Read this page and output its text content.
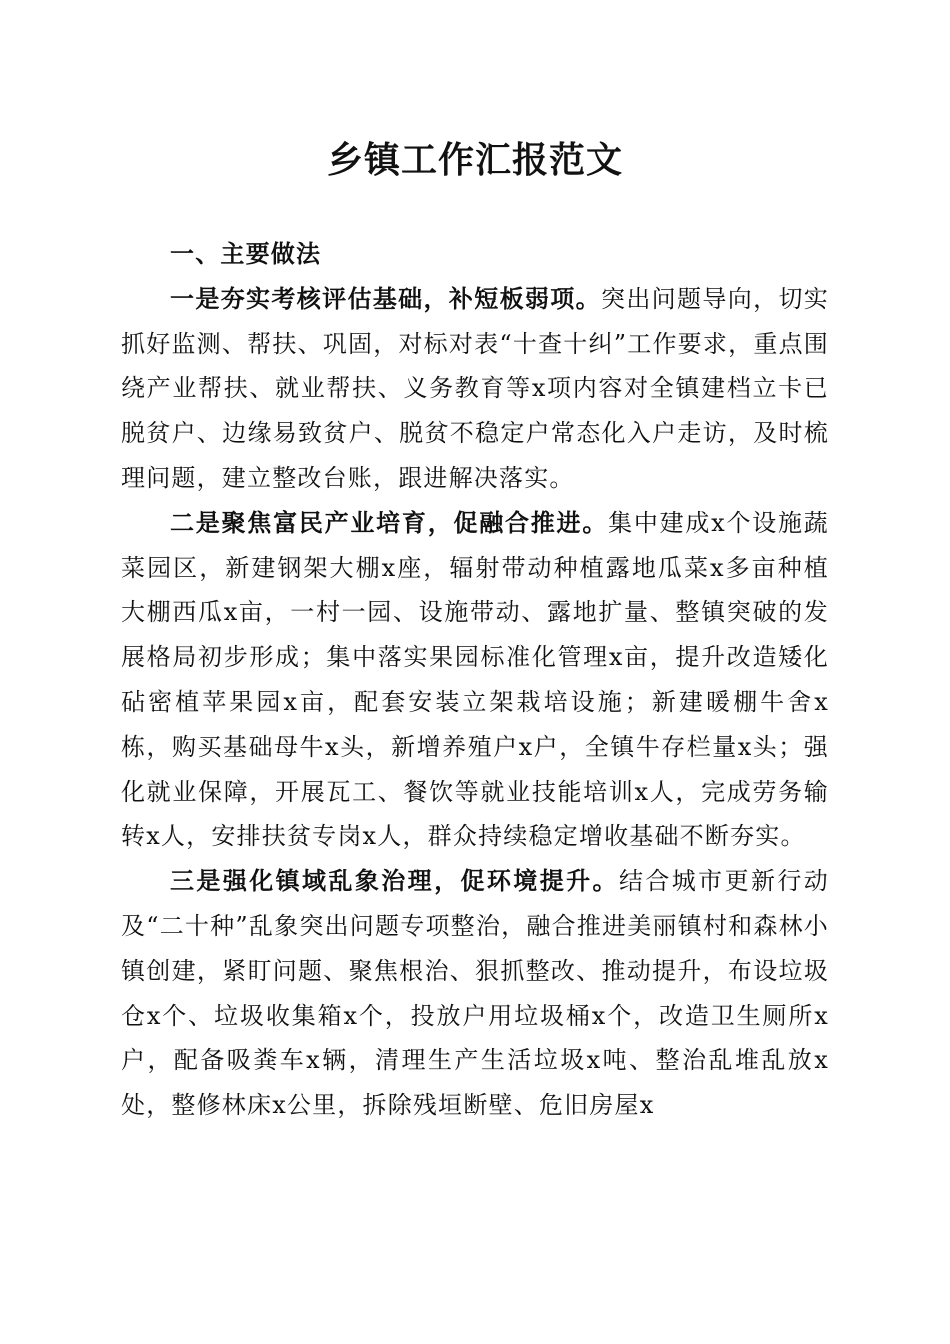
乡镇工作汇报范文
一、主要做法

一是夯实考核评估基础，补短板弱项。突出问题导向，切实抓好监测、帮扶、巩固，对标对表“十查十纠”工作要求，重点围绕产业帮扶、就业帮扶、义务教育等x项内容对全镇建档立卡已脱贫户、边缘易致贫户、脱贫不稳定户常态化入户走访，及时梳理问题，建立整改台账，跟进解决落实。

二是聚焦富民产业培育，促融合推进。集中建成x个设施蔬菜园区，新建钢架大棚x座，辐射带动种植露地瓜菜x多亩种植大棚西瓜x亩，一村一园、设施带动、露地扩量、整镇突破的发展格局初步形成；集中落实果园标准化管理x亩，提升改造矮化砧密植苹果园x亩，配套安装立架栽培设施；新建暖棚牛舍x栋，购买基础母牛x头，新增养殖户x户，全镇牛存栏量x头；强化就业保障，开展瓦工、餐饮等就业技能培训x人，完成劳务输转x人，安排扶贫专岗x人，群众持续稳定增收基础不断夯实。

三是强化镇域乱象治理，促环境提升。结合城市更新行动及“二十种”乱象突出问题专项整治，融合推进美丽镇村和森林小镇创建，紧盯问题、聚焦根治、狠抓整改、推动提升，布设垃圾仓x个、垃圾收集箱x个，投放户用垃圾桶x个，改造卫生厕所x户，配备吸粪车x辆，清理生产生活垃圾x吨、整治乱堆乱放x处，整修林床x公里，拆除残垣断壁、危旧房屋x
